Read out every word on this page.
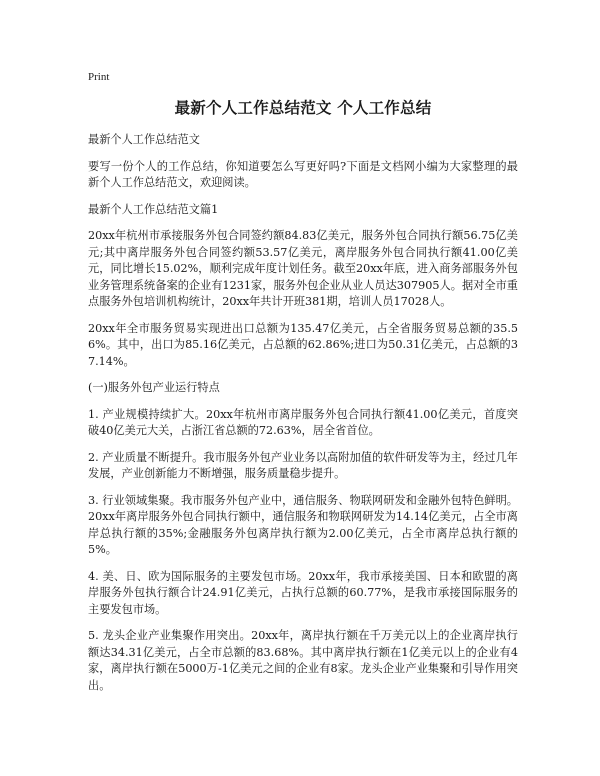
Print
最新个人工作总结范文 个人工作总结

最新个人工作总结范文

要写一份个人的工作总结，你知道要怎么写更好吗?下面是文档网小编为大家整理的最新个人工作总结范文，欢迎阅读。

最新个人工作总结范文篇1

20xx年杭州市承接服务外包合同签约额84.83亿美元，服务外包合同执行额56.75亿美元;其中离岸服务外包合同签约额53.57亿美元，离岸服务外包合同执行额41.00亿美元，同比增长15.02%，顺利完成年度计划任务。截至20xx年底，进入商务部服务外包业务管理系统备案的企业有1231家，服务外包企业从业人员达307905人。据对全市重点服务外包培训机构统计，20xx年共计开班381期，培训人员17028人。

20xx年全市服务贸易实现进出口总额为135.47亿美元，占全省服务贸易总额的35.56%。其中，出口为85.16亿美元，占总额的62.86%;进口为50.31亿美元，占总额的37.14%。

(一)服务外包产业运行特点

1. 产业规模持续扩大。20xx年杭州市离岸服务外包合同执行额41.00亿美元，首度突破40亿美元大关，占浙江省总额的72.63%，居全省首位。

2. 产业质量不断提升。我市服务外包产业业务以高附加值的软件研发等为主，经过几年发展，产业创新能力不断增强，服务质量稳步提升。

3. 行业领域集聚。我市服务外包产业中，通信服务、物联网研发和金融外包特色鲜明。20xx年离岸服务外包合同执行额中，通信服务和物联网研发为14.14亿美元，占全市离岸总执行额的35%;金融服务外包离岸执行额为2.00亿美元，占全市离岸总执行额的5%。

4. 美、日、欧为国际服务的主要发包市场。20xx年，我市承接美国、日本和欧盟的离岸服务外包执行额合计24.91亿美元，占执行总额的60.77%，是我市承接国际服务的主要发包市场。

5. 龙头企业产业集聚作用突出。20xx年，离岸执行额在千万美元以上的企业离岸执行额达34.31亿美元，占全市总额的83.68%。其中离岸执行额在1亿美元以上的企业有4家，离岸执行额在5000万-1亿美元之间的企业有8家。龙头企业产业集聚和引导作用突出。
